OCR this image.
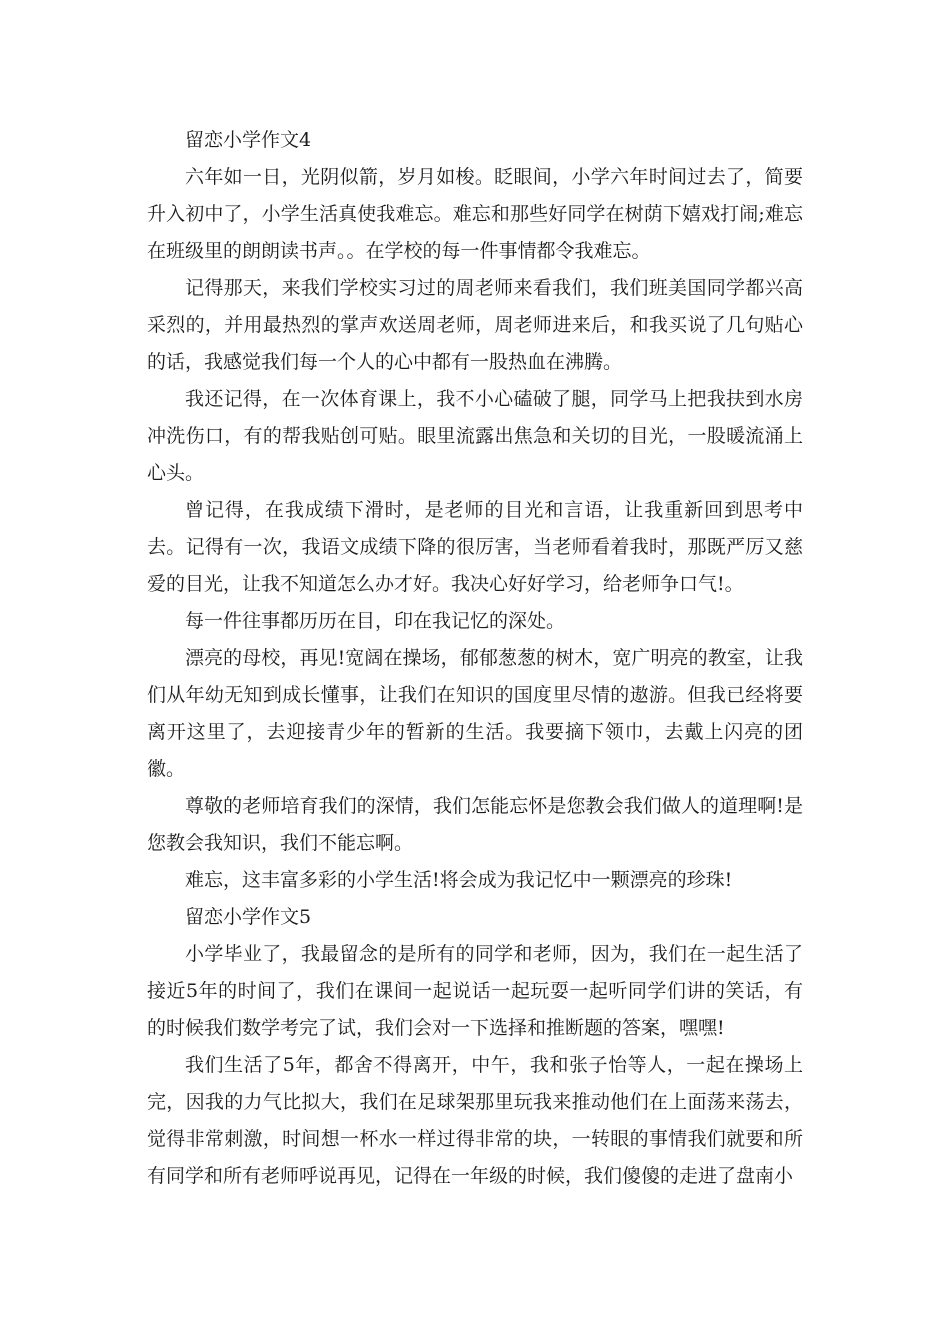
留恋小学作文4

六年如一日，光阴似箭，岁月如梭。眨眼间，小学六年时间过去了，简要升入初中了，小学生活真使我难忘。难忘和那些好同学在树荫下嬉戏打闹;难忘在班级里的朗朗读书声。。在学校的每一件事情都令我难忘。

记得那天，来我们学校实习过的周老师来看我们，我们班美国同学都兴高采烈的，并用最热烈的掌声欢送周老师，周老师进来后，和我买说了几句贴心的话，我感觉我们每一个人的心中都有一股热血在沸腾。

我还记得，在一次体育课上，我不小心磕破了腿，同学马上把我扶到水房冲洗伤口，有的帮我贴创可贴。眼里流露出焦急和关切的目光，一股暖流涌上心头。

曾记得，在我成绩下滑时，是老师的目光和言语，让我重新回到思考中去。记得有一次，我语文成绩下降的很厉害，当老师看着我时，那既严厉又慈爱的目光，让我不知道怎么办才好。我决心好好学习，给老师争口气!。

每一件往事都历历在目，印在我记忆的深处。

漂亮的母校，再见!宽阔在操场，郁郁葱葱的树木，宽广明亮的教室，让我们从年幼无知到成长懂事，让我们在知识的国度里尽情的遨游。但我已经将要离开这里了，去迎接青少年的暂新的生活。我要摘下领巾，去戴上闪亮的团徽。

尊敬的老师培育我们的深情，我们怎能忘怀是您教会我们做人的道理啊!是您教会我知识，我们不能忘啊。

难忘，这丰富多彩的小学生活!将会成为我记忆中一颗漂亮的珍珠!

留恋小学作文5

小学毕业了，我最留念的是所有的同学和老师，因为，我们在一起生活了接近5年的时间了，我们在课间一起说话一起玩耍一起听同学们讲的笑话，有的时候我们数学考完了试，我们会对一下选择和推断题的答案，嘿嘿!

我们生活了5年，都舍不得离开，中午，我和张子怡等人，一起在操场上完，因我的力气比拟大，我们在足球架那里玩我来推动他们在上面荡来荡去，觉得非常刺激，时间想一杯水一样过得非常的块，一转眼的事情我们就要和所有同学和所有老师呼说再见，记得在一年级的时候，我们傻傻的走进了盘南小
